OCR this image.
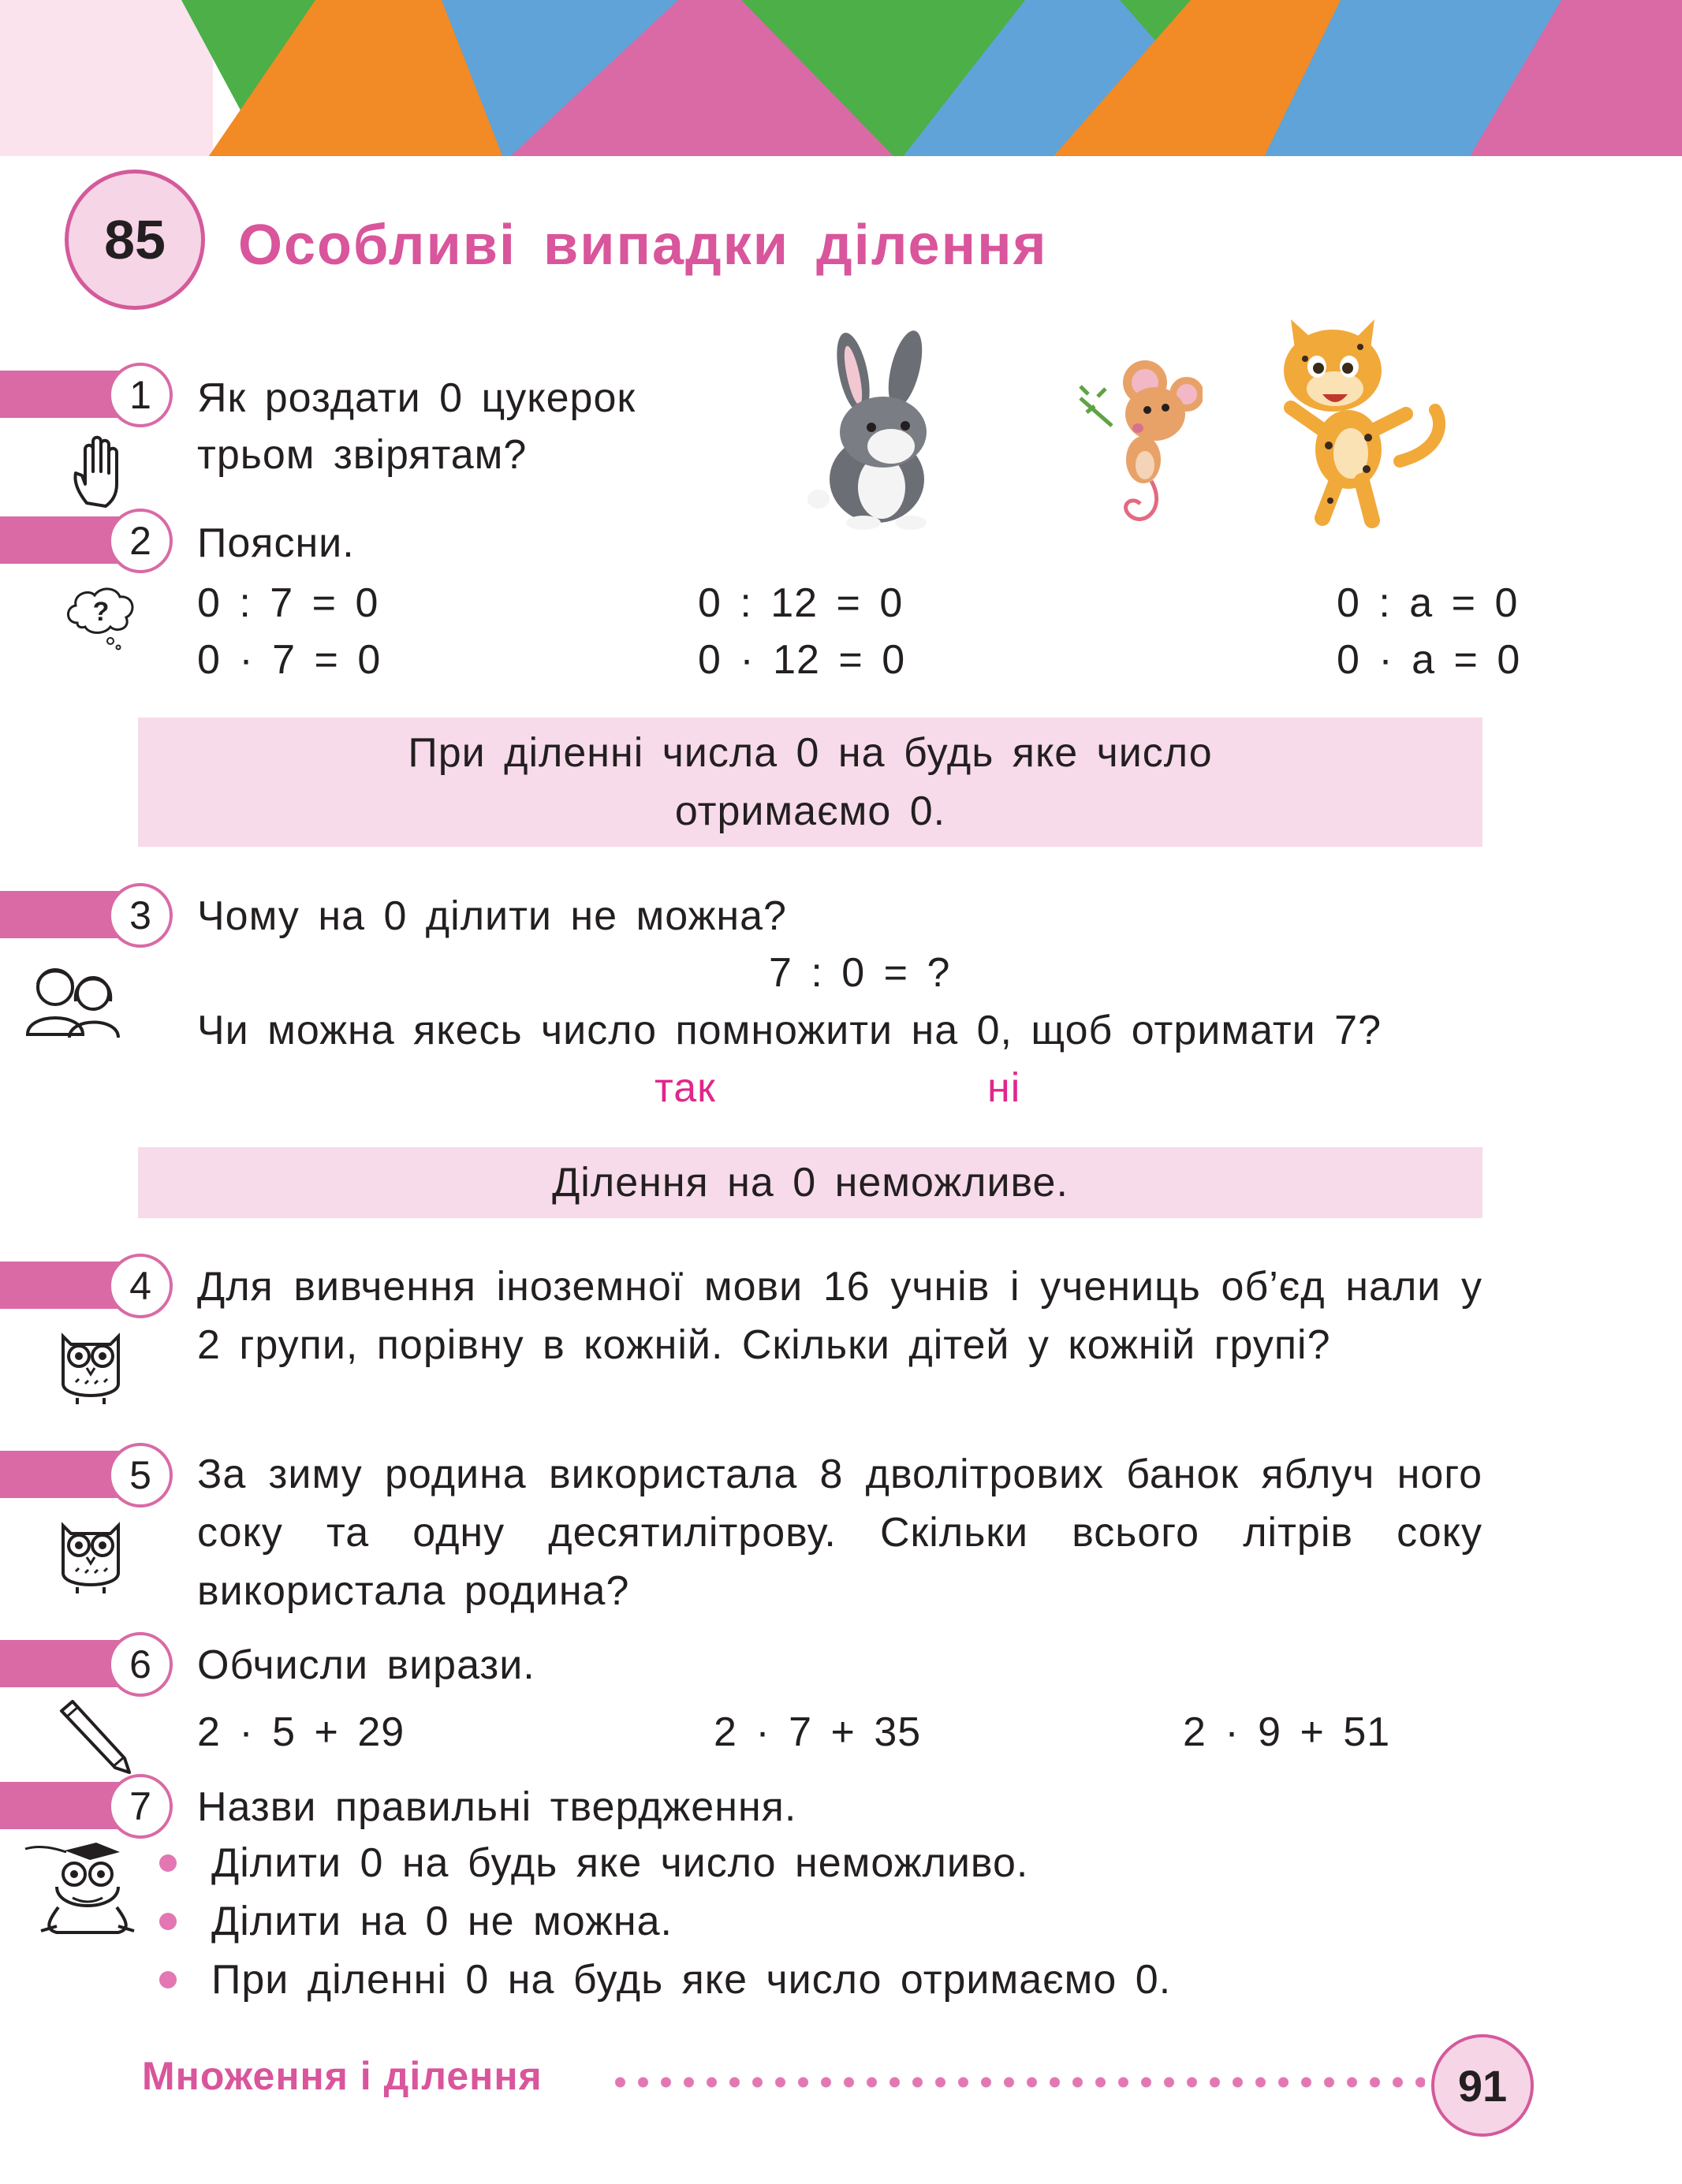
85 Особливі випадки ділення
1	Як роздати 0 цукерок
трьом звірятам?
2
?
Поясни.
0 : 7 = 0	0 : 12 = 0	0 : a = 0
0 · 7 = 0	0 · 12 = 0	0 · a = 0
При діленні числа 0 на будь яке число
отримаємо 0.
3	Чому на 0 ділити не можна?
7 : 0 = ?
Чи можна якесь число помножити на 0, щоб отримати 7?
так	ні
Ділення на 0 неможливе.
4	Для вивчення іноземної мови 16 учнів і учениць об’єд нали у 2 групи, порівну в кожній. Скільки дітей у кожній групі?
5	За зиму родина використала 8 дволітрових банок яблуч ного соку та одну десятилітрову. Скільки всього літрів соку використала родина?
6	Обчисли вирази.
2 · 5 + 29	2 · 7 + 35	2 · 9 + 51
7	Назви правильні твердження.
Ділити 0 на будь яке число неможливо.
Ділити на 0 не можна.
При діленні 0 на будь яке число отримаємо 0.
Множення і ділення	91
